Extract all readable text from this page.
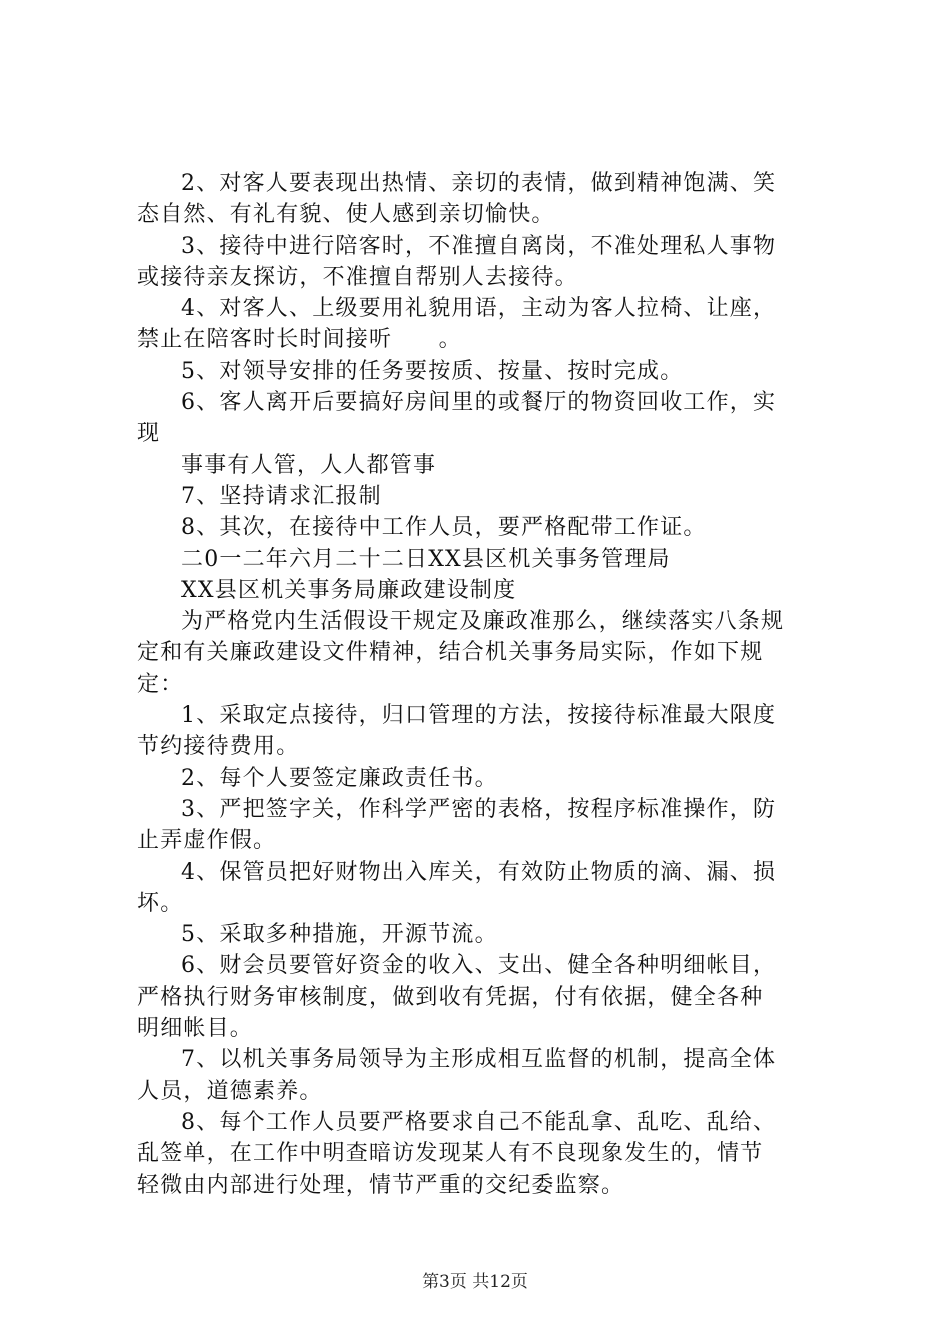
2、对客人要表现出热情、亲切的表情，做到精神饱满、笑
态自然、有礼有貌、使人感到亲切愉快。
3、接待中进行陪客时，不准擅自离岗，不准处理私人事物
或接待亲友探访，不准擅自帮别人去接待。
4、对客人、上级要用礼貌用语，主动为客人拉椅、让座，
禁止在陪客时长时间接听　　。
5、对领导安排的任务要按质、按量、按时完成。
6、客人离开后要搞好房间里的或餐厅的物资回收工作，实
现
事事有人管，人人都管事
7、坚持请求汇报制
8、其次，在接待中工作人员，要严格配带工作证。
二0一二年六月二十二日XX县区机关事务管理局
XX县区机关事务局廉政建设制度
为严格党内生活假设干规定及廉政准那么，继续落实八条规
定和有关廉政建设文件精神，结合机关事务局实际，作如下规
定：
1、采取定点接待，归口管理的方法，按接待标准最大限度
节约接待费用。
2、每个人要签定廉政责任书。
3、严把签字关，作科学严密的表格，按程序标准操作，防
止弄虚作假。
4、保管员把好财物出入库关，有效防止物质的滴、漏、损
坏。
5、采取多种措施，开源节流。
6、财会员要管好资金的收入、支出、健全各种明细帐目，
严格执行财务审核制度，做到收有凭据，付有依据，健全各种
明细帐目。
7、以机关事务局领导为主形成相互监督的机制，提高全体
人员，道德素养。
8、每个工作人员要严格要求自己不能乱拿、乱吃、乱给、
乱签单，在工作中明查暗访发现某人有不良现象发生的，情节
轻微由内部进行处理，情节严重的交纪委监察。
第3页 共12页
